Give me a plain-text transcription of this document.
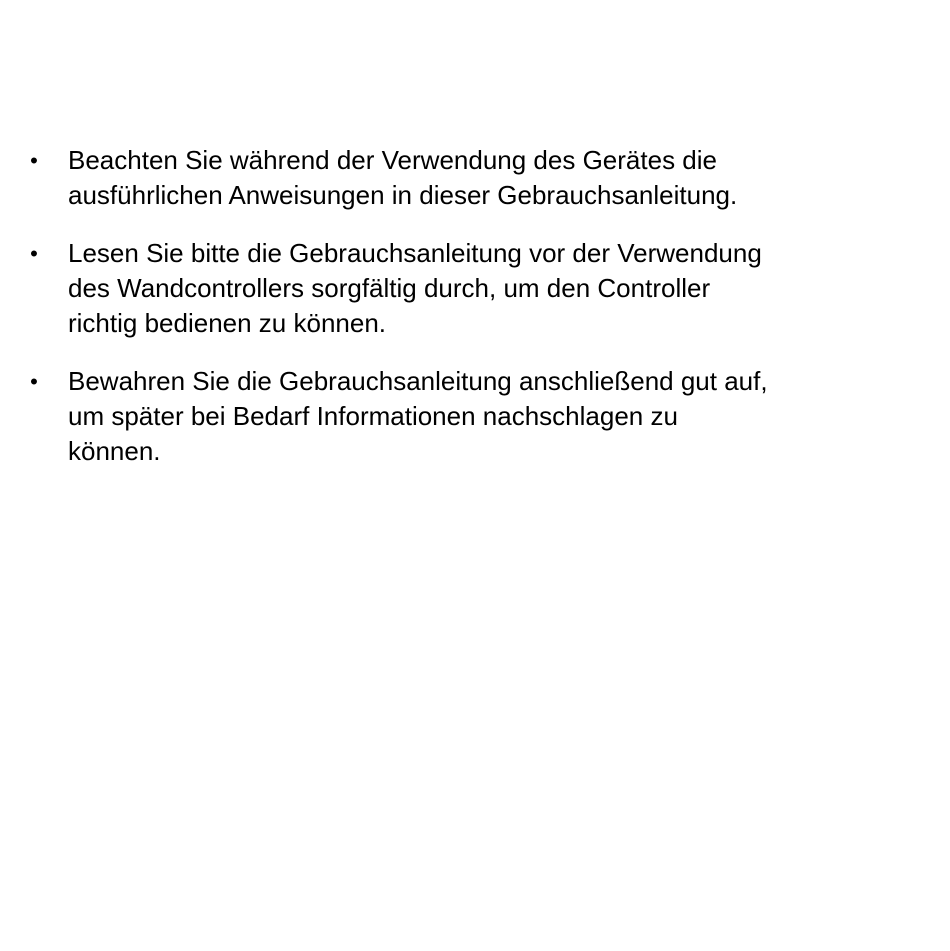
• Beachten Sie während der Verwendung des Gerätes die
ausführlichen Anweisungen in dieser Gebrauchsanleitung.
• Lesen Sie bitte die Gebrauchsanleitung vor der Verwendung
des Wandcontrollers sorgfältig durch, um den Controller
richtig bedienen zu können.
• Bewahren Sie die Gebrauchsanleitung anschließend gut auf,
um später bei Bedarf Informationen nachschlagen zu
können.
